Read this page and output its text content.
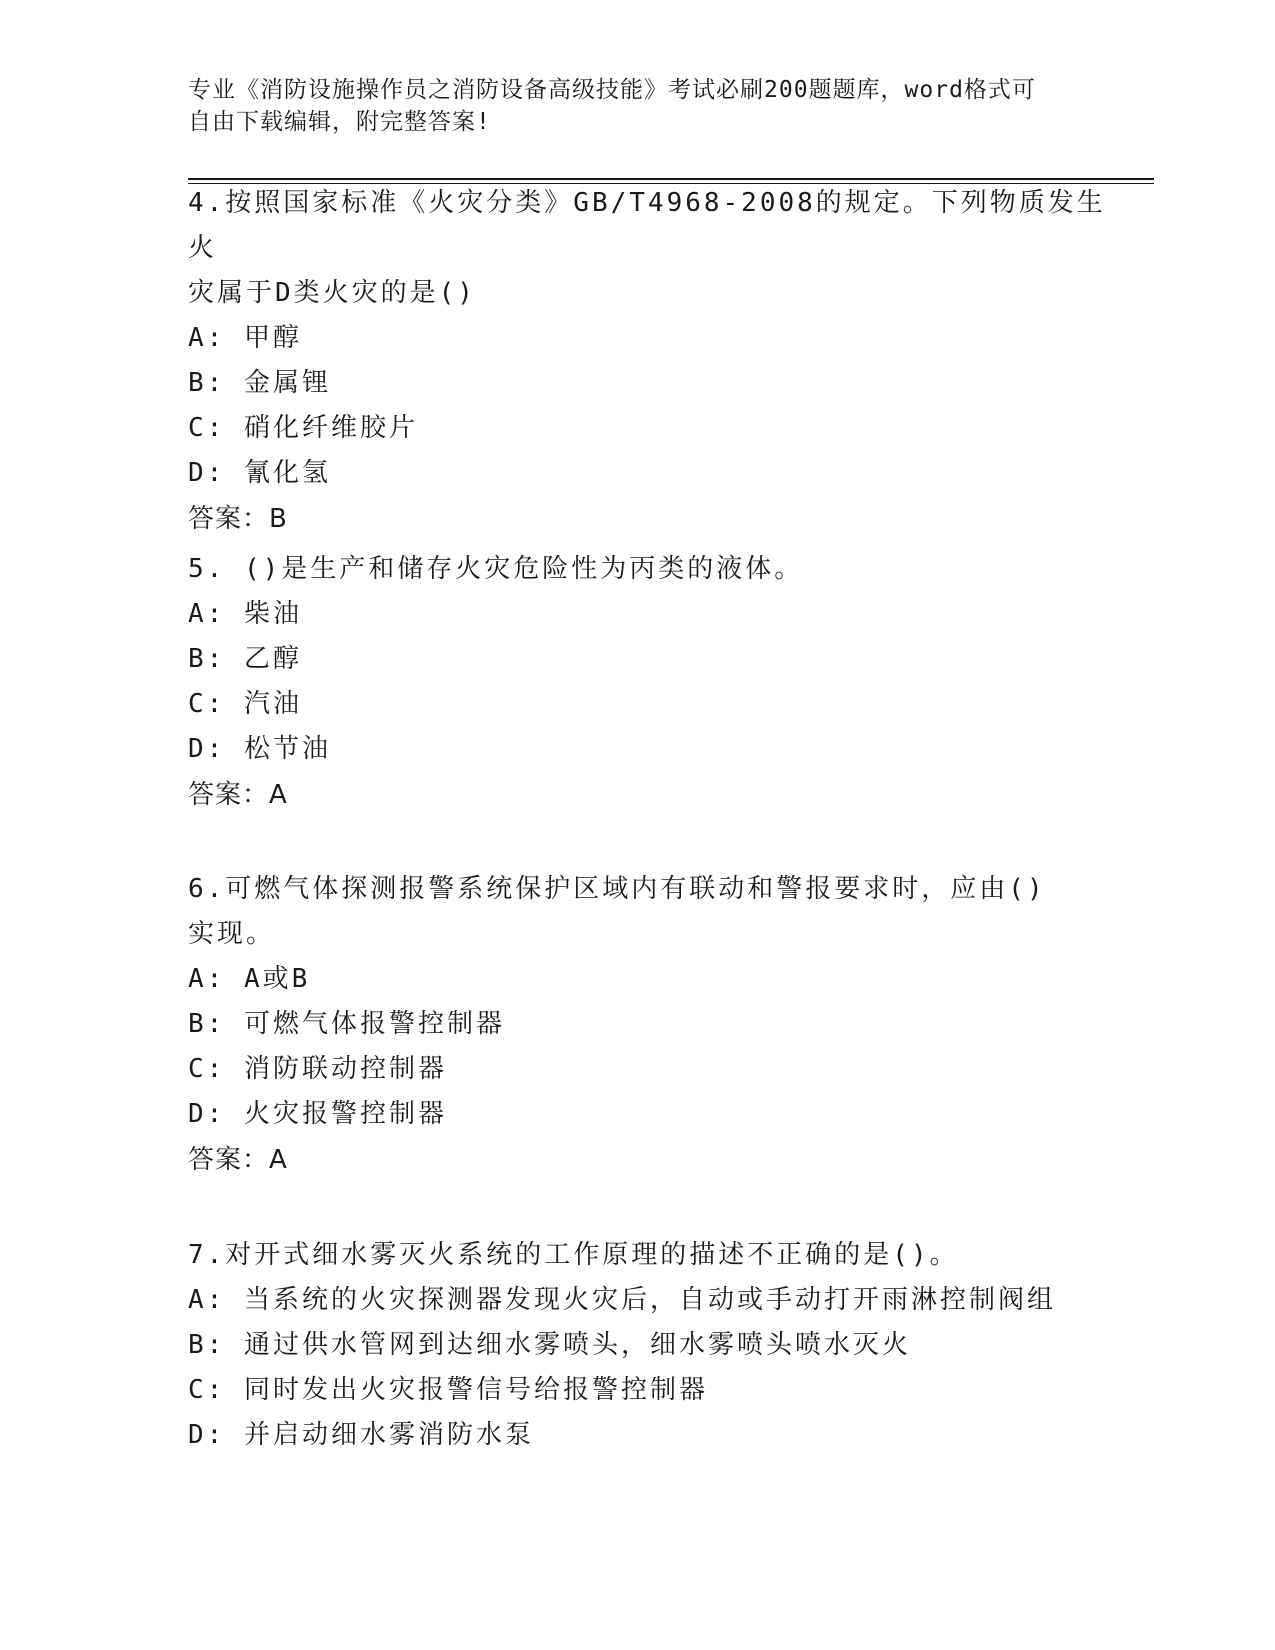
专业《消防设施操作员之消防设备高级技能》考试必刷200题题库，word格式可
自由下载编辑，附完整答案!
4.按照国家标准《火灾分类》GB/T4968-2008的规定。下列物质发生火
灾属于D类火灾的是()
A: 甲醇
B: 金属锂
C: 硝化纤维胶片
D: 氰化氢
答案：B
5. ()是生产和储存火灾危险性为丙类的液体。
A: 柴油
B: 乙醇
C: 汽油
D: 松节油
答案：A
6.可燃气体探测报警系统保护区域内有联动和警报要求时，应由()
实现。
A: A或B
B: 可燃气体报警控制器
C: 消防联动控制器
D: 火灾报警控制器
答案：A
7.对开式细水雾灭火系统的工作原理的描述不正确的是()。
A: 当系统的火灾探测器发现火灾后，自动或手动打开雨淋控制阀组
B: 通过供水管网到达细水雾喷头，细水雾喷头喷水灭火
C: 同时发出火灾报警信号给报警控制器
D: 并启动细水雾消防水泵
